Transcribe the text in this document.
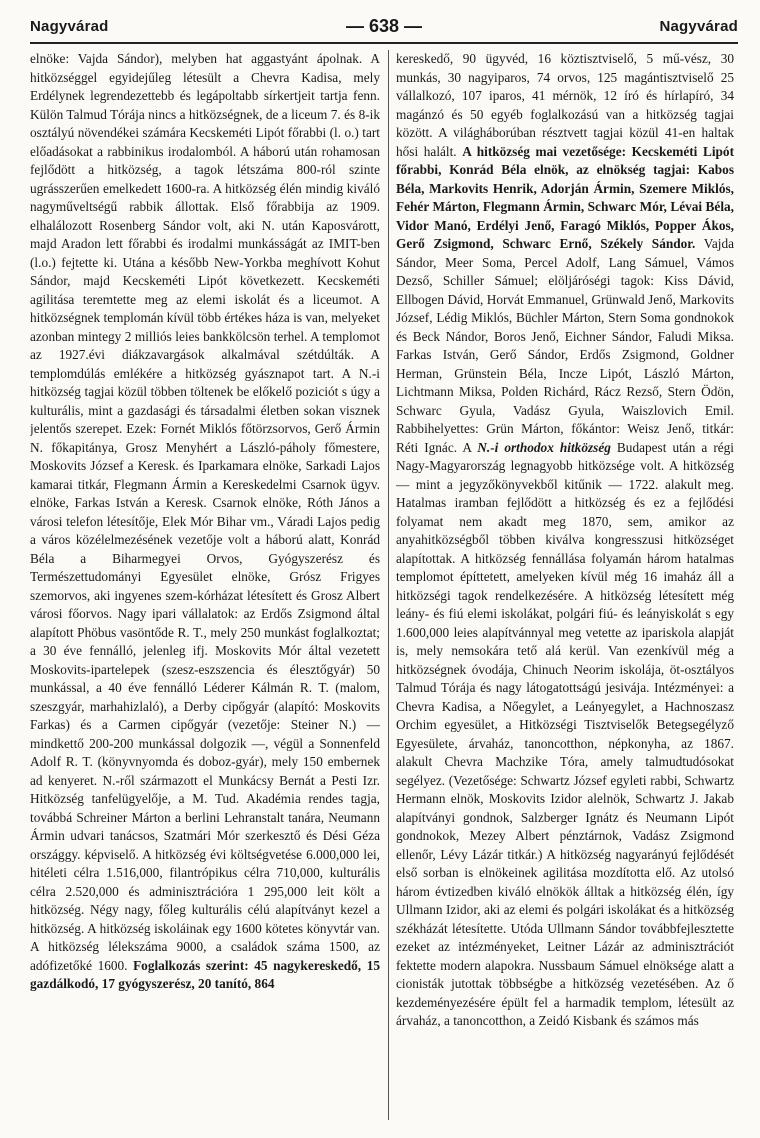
Nagyvárad	— 638 —	Nagyvárad

elnöke: Vajda Sándor), melyben hat aggastyánt ápolnak. A hitközséggel egyidejűleg létesült a Chevra Kadisa, mely Erdélynek legrendezettebb és legápoltabb sírkertjeit tartja fenn. Külön Talmud Tórája nincs a hitközségnek, de a liceum 7. és 8-ik osztályú növendékei számára Kecskeméti Lipót főrabbi (l. o.) tart előadásokat a rabbinikus irodalomból. A háború után rohamosan fejlődött a hitközség, a tagok létszáma 800-ról szinte ugrásszerűen emelkedett 1600-ra. A hitközség élén mindig kiváló nagyműveltségű rabbik állottak. Első főrabbija az 1909. elhalálozott Rosenberg Sándor volt, aki N. után Kaposvárott, majd Aradon lett főrabbi és irodalmi munkásságát az IMIT-ben (l.o.) fejtette ki. Utána a később New-Yorkba meghívott Kohut Sándor, majd Kecskeméti Lipót következett. Kecskeméti agilitása teremtette meg az elemi iskolát és a liceumot. A hitközségnek templomán kívül több értékes háza is van, melyeket azonban mintegy 2 milliós leies bankkölcsön terhel. A templomot az 1927.évi diákzavargások alkalmával szétdúlták. A templomdúlás emlékére a hitközség gyásznapot tart. A N.-i hitközség tagjai közül többen töltenek be előkelő poziciót s úgy a kulturális, mint a gazdasági és társadalmi életben sokan visznek jelentős szerepet. Ezek: Fornét Miklós főtörzsorvos, Gerő Ármin N. főkapitánya, Grosz Menyhért a László-páholy főmestere, Moskovits József a Keresk. és Iparkamara elnöke, Sarkadi Lajos kamarai titkár, Flegmann Ármin a Kereskedelmi Csarnok ügyv. elnöke, Farkas István a Keresk. Csarnok elnöke, Róth János a városi telefon létesítője, Elek Mór Bihar vm., Váradi Lajos pedig a város közélelmezésének vezetője volt a háború alatt, Konrád Béla a Biharmegyei Orvos, Gyógyszerész és Természettudományi Egyesület elnöke, Grósz Frigyes szemorvos, aki ingyenes szem-kórházat létesített és Grosz Albert városi főorvos. Nagy ipari vállalatok: az Erdős Zsigmond által alapított Phöbus vasöntőde R. T., mely 250 munkást foglalkoztat; a 30 éve fennálló, jelenleg ifj. Moskovits Mór által vezetett Moskovits-ipartelepek (szesz-eszszencia és élesztőgyár) 50 munkással, a 40 éve fennálló Léderer Kálmán R. T. (malom, szeszgyár, marhahizlaló), a Derby cipőgyár (alapító: Moskovits Farkas) és a Carmen cipőgyár (vezetője: Steiner N.) — mindkettő 200-200 munkással dolgozik —, végül a Sonnenfeld Adolf R. T. (könyvnyomda és doboz-gyár), mely 150 embernek ad kenyeret. N.-ről származott el Munkácsy Bernát a Pesti Izr. Hitközség tanfelügyelője, a M. Tud. Akadémia rendes tagja, továbbá Schreiner Márton a berlini Lehranstalt tanára, Neumann Ármin udvari tanácsos, Szatmári Mór szerkesztő és Dési Géza országgy. képviselő. A hitközség évi költségvetése 6.000,000 lei, hitéleti célra 1.516,000, filantrópikus célra 710,000, kulturális célra 2.520,000 és adminisztrációra 1 295,000 leit költ a hitközség. Négy nagy, főleg kulturális célú alapítványt kezel a hitközség. A hitközség iskoláinak egy 1600 kötetes könyvtár van. A hitközség lélekszáma 9000, a családok száma 1500, az adófizetőké 1600. Foglalkozás szerint: 45 nagykereskedő, 15 gazdálkodó, 17 gyógyszerész, 20 tanító, 864

kereskedő, 90 ügyvéd, 16 köztisztviselő, 5 mű-vész, 30 munkás, 30 nagyiparos, 74 orvos, 125 magántisztviselő 25 vállalkozó, 107 iparos, 41 mérnök, 12 író és hírlapíró, 34 magánzó és 50 egyéb foglalkozású van a hitközség tagjai között. A világháborúban résztvett tagjai közül 41-en haltak hősi halált. A hitközség mai vezetősége: Kecskeméti Lipót főrabbi, Konrád Béla elnök, az elnökség tagjai: Kabos Béla, Markovits Henrik, Adorján Ármin, Szemere Miklós, Fehér Márton, Flegmann Ármin, Schwarc Mór, Lévai Béla, Vidor Manó, Erdélyi Jenő, Faragó Miklós, Popper Ákos, Gerő Zsigmond, Schwarc Ernő, Székely Sándor. Vajda Sándor, Meer Soma, Percel Adolf, Lang Sámuel, Vámos Dezső, Schiller Sámuel; elöljáróségi tagok: Kiss Dávid, Ellbogen Dávid, Horvát Emmanuel, Grünwald Jenő, Markovits József, Lédig Miklós, Büchler Márton, Stern Soma gondnokok és Beck Nándor, Boros Jenő, Eichner Sándor, Faludi Miksa. Farkas István, Gerő Sándor, Erdős Zsigmond, Goldner Herman, Grünstein Béla, Incze Lipót, László Márton, Lichtmann Miksa, Polden Richárd, Rácz Rezső, Stern Ödön, Schwarc Gyula, Vadász Gyula, Waiszlovich Emil. Rabbihelyettes: Grün Márton, főkántor: Weisz Jenő, titkár: Réti Ignác. A N.-i orthodox hitközség Budapest után a régi Nagy-Magyarország legnagyobb hitközsége volt. A hitközség — mint a jegyzőkönyvekből kitűnik — 1722. alakult meg. Hatalmas iramban fejlődött a hitközség és ez a fejlődési folyamat nem akadt meg 1870, sem, amikor az anyahitközségből többen kiválva kongresszusi hitközséget alapítottak. A hitközség fennállása folyamán három hatalmas templomot építtetett, amelyeken kívül még 16 imaház áll a hitközségi tagok rendelkezésére. A hitközség létesített még leány- és fiú elemi iskolákat, polgári fiú- és leányiskolát s egy 1.600,000 leies alapítvánnyal meg vetette az ipariskola alapját is, mely nemsokára tető alá kerül. Van ezenkívül még a hitközségnek óvodája, Chinuch Neorim iskolája, öt-osztályos Talmud Tórája és nagy látogatottságú jesivája. Intézményei: a Chevra Kadisa, a Nőegylet, a Leányegylet, a Hachnoszasz Orchim egyesület, a Hitközségi Tisztviselők Betegsegélyző Egyesülete, árvaház, tanoncotthon, népkonyha, az 1867. alakult Chevra Machzike Tóra, amely talmudtudósokat segélyez. (Vezetősége: Schwartz József egyleti rabbi, Schwartz Hermann elnök, Moskovits Izidor alelnök, Schwartz J. Jakab alapítványi gondnok, Salzberger Ignátz és Neumann Lipót gondnokok, Mezey Albert pénztárnok, Vadász Zsigmond ellenőr, Lévy Lázár titkár.) A hitközség nagyarányú fejlődését első sorban is elnökeinek agilitása mozdította elő. Az utolsó három évtizedben kiváló elnökök álltak a hitközség élén, így Ullmann Izidor, aki az elemi és polgári iskolákat és a hitközség székházát létesítette. Utóda Ullmann Sándor továbbfejlesztette ezeket az intézményeket, Leitner Lázár az adminisztrációt fektette modern alapokra. Nussbaum Sámuel elnöksége alatt a cionisták jutottak többségbe a hitközség vezetésében. Az ő kezdeményezésére épült fel a harmadik templom, létesült az árvaház, a tanoncotthon, a Zeidó Kisbank és számos más
